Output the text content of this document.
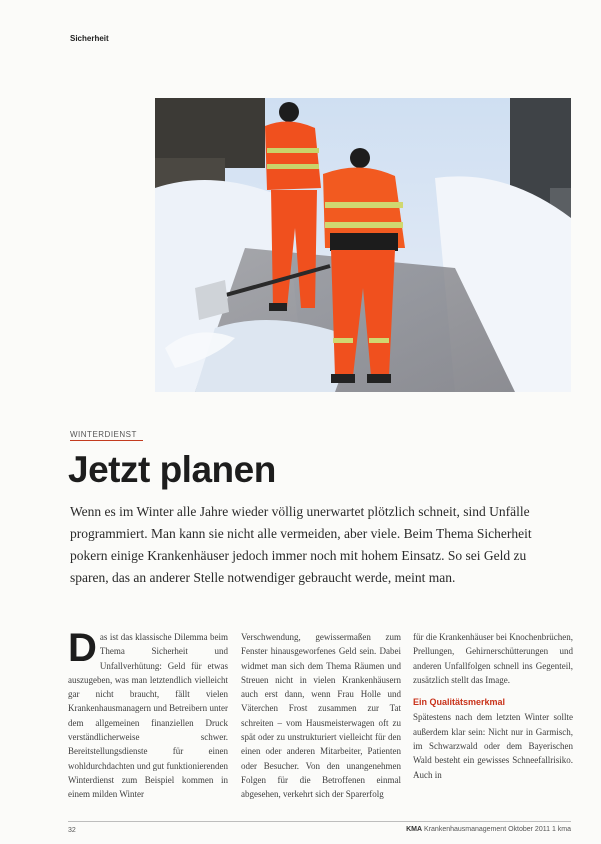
Sicherheit
WINTERDIENST
Jetzt planen

Wenn es im Winter alle Jahre wieder völlig unerwartet plötzlich schneit, sind Unfälle programmiert. Man kann sie nicht alle vermeiden, aber viele. Beim Thema Sicherheit pokern einige Krankenhäuser jedoch immer noch mit hohem Einsatz. So sei Geld zu sparen, das an anderer Stelle notwendiger gebraucht werde, meint man.

Das ist das klassische Dilemma beim Thema Sicherheit und Unfallverhütung: Geld für etwas auszugeben, was man letztendlich vielleicht gar nicht braucht, fällt vielen Krankenhausmanagern und Betreibern unter dem allgemeinen finanziellen Druck verständlicherweise schwer. Bereitstellungsdienste für einen wohldurchdachten und gut funktionierenden Winterdienst zum Beispiel kommen in einem milden Winter

Verschwendung, gewissermaßen zum Fenster hinausgeworfenes Geld sein. Dabei widmet man sich dem Thema Räumen und Streuen nicht in vielen Krankenhäusern auch erst dann, wenn Frau Holle und Väterchen Frost zusammen zur Tat schreiten – vom Hausmeisterwagen oft zu spät oder zu unstrukturiert vielleicht für den einen oder anderen Mitarbeiter, Patienten oder Besucher. Von den unangenehmen Folgen für die Betroffenen einmal abgesehen, verkehrt sich der Sparerfolg

für die Krankenhäuser bei Knochenbrüchen, Prellungen, Gehirnerschütterungen und anderen Unfallfolgen schnell ins Gegenteil, zusätzlich stellt das Image.
Ein Qualitätsmerkmal
Spätestens nach dem letzten Winter sollte außerdem klar sein: Nicht nur in Garmisch, im Schwarzwald oder dem Bayerischen Wald besteht ein gewisses Schneefallrisiko. Auch in
32	KMA Krankenhausmanagement Oktober 2011 1 kma
